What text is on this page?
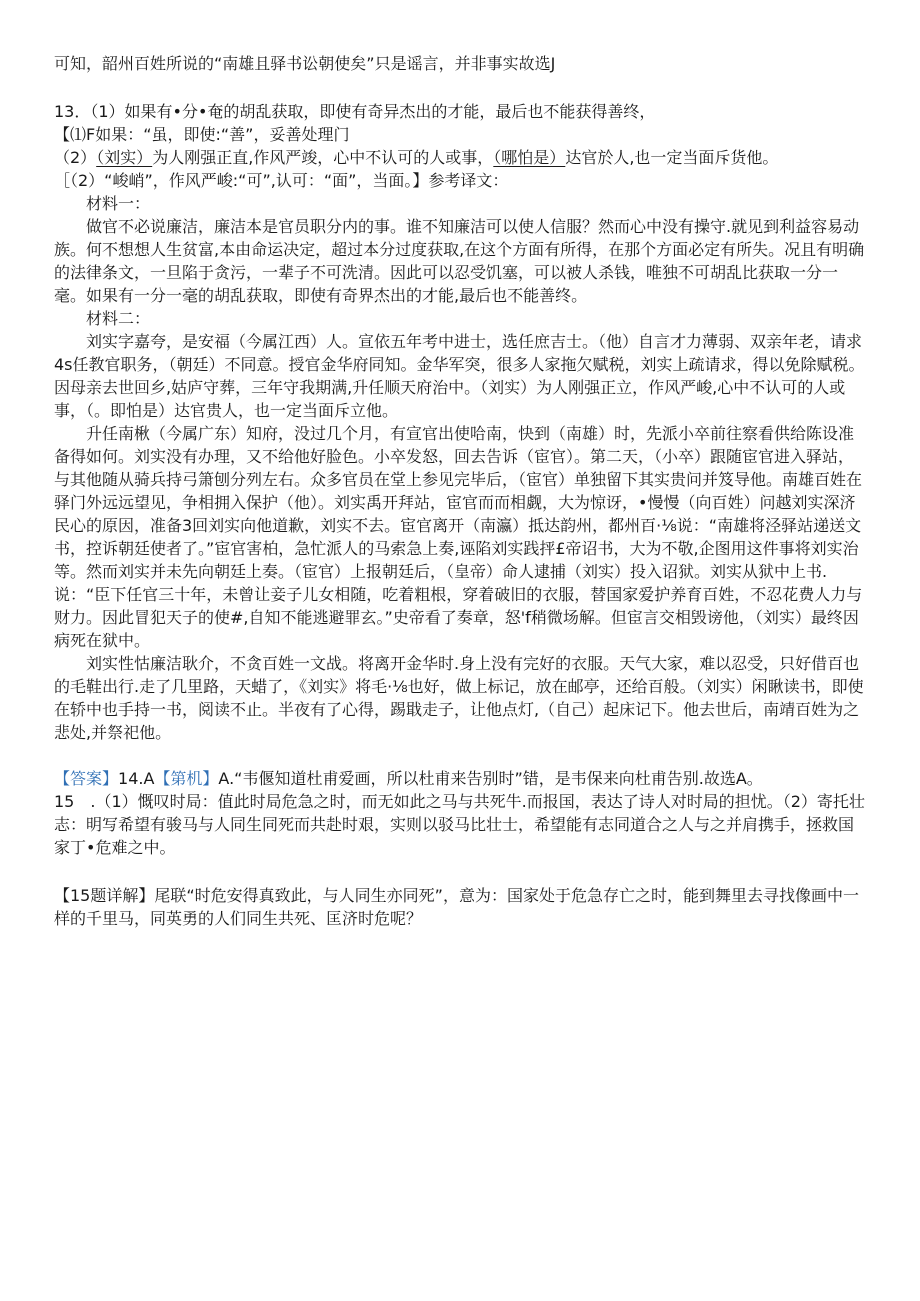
可知，韶州百姓所说的“南雄且驿书讼朝使矣”只是谣言，并非事实故选J

13．（1）如果有•分•奄的胡乱获取，即使有奇异杰出的才能，最后也不能获得善终，

【⑴F如果：“虽，即使:“善”，妥善处理门

（2）（刘实）为人刚强正直,作风严竣，心中不认可的人或事，（哪怕是）达官於人,也一定当面斥货他。

［（2）“峻峭”，作风严峻:“可”,认可：“面”，当面。】参考译文：

材料一：

做官不必说廉洁，廉洁本是官员职分内的事。谁不知廉洁可以使人信服？然而心中没有操守.就见到利益容易动族。何不想想人生贫富,本由命运决定，超过本分过度获取,在这个方面有所得，在那个方面必定有所失。况且有明确的法律条文，一旦陷于贪污，一辈子不可洗清。因此可以忍受饥塞，可以被人杀钱，唯独不可胡乱比获取一分一毫。如果有一分一毫的胡乱获取，即使有奇界杰出的才能,最后也不能善终。

材料二：

刘实字嘉夸，是安福（今属江西）人。宣依五年考中进士，选任庶吉士。（他）自言才力薄弱、双亲年老，请求4s任教官职务，（朝廷）不同意。授官金华府同知。金华军突，很多人家拖欠赋税，刘实上疏请求，得以免除赋税。因母亲去世回乡,姑庐守葬，三年守我期满,升任顺天府治中。（刘实）为人刚强正立，作风严峻,心中不认可的人或事，（。即怕是）达官贵人，也一定当面斥立他。

升任南楸（今属广东）知府，没过几个月，有宣官出使哈南，快到（南雄）时，先派小卒前往察看供给陈设准备得如何。刘实没有办理，又不给他好脸色。小卒发怒，回去告诉（宦官）。第二天，（小卒）跟随宦官进入驿站，与其他随从骑兵持弓箫刨分列左右。众多官员在堂上参见完毕后，（宦官）单独留下其实贵问并笈导他。南雄百姓在驿门外远远望见，争相拥入保护（他）。刘实禹开拜站，宦官而而相觑，大为惊讶，•慢慢（向百姓）问越刘实深济民心的原因，准备3回刘实向他道歉，刘实不去。宦官离开（南瀛）抵达韵州，都州百·⅛说：“南雄将泾驿站递送文书，控诉朝廷使者了。”宦官害柏，急忙派人的马索急上奏,诬陷刘实践抨£帝诏书，大为不敬,企图用这件事将刘实治等。然而刘实并未先向朝廷上奏。（宦官）上报朝廷后，（皇帝）命人逮捕（刘实）投入诏狱。刘实从狱中上书.说：“臣下任官三十年，未曾让妾子儿女相随，吃着粗根，穿着破旧的衣服，替国家爱护养育百姓，不忍花费人力与财力。因此冒犯天子的使#,自知不能逃避罪玄。”史帝看了奏章，怒'f稍微场解。但宦言交相毁谤他，（刘实）最终因病死在狱中。

刘实性怙廉洁耿介，不贪百姓一文战。将离开金华时.身上没有完好的衣服。天气大家，难以忍受，只好借百也的毛鞋出行.走了几里路，天蜡了，《刘实》将毛·⅛也好，做上标记，放在邮亭，还给百般。（刘实）闲瞅读书，即使在轿中也手持一书，阅读不止。半夜有了心得，踢戢走子，让他点灯,（自己）起床记下。他去世后，南靖百姓为之悲处,并祭祀他。

【答案】14.A【第机】A.“韦偃知道杜甫爱画，所以杜甫来告别时”错，是韦保来向杜甫告别.故选A。

15　.（1）慨叹时局：值此时局危急之时，而无如此之马与共死牛.而报国，表达了诗人对时局的担忧。（2）寄托壮志：明写希望有骏马与人同生同死而共赴时艰，实则以驳马比壮士，希望能有志同道合之人与之并肩携手，拯救国家丁•危难之中。

【15题详解】尾联“时危安得真致此，与人同生亦同死”，意为：国家处于危急存亡之时，能到舞里去寻找像画中一样的千里马，同英勇的人们同生共死、匡济时危呢？
